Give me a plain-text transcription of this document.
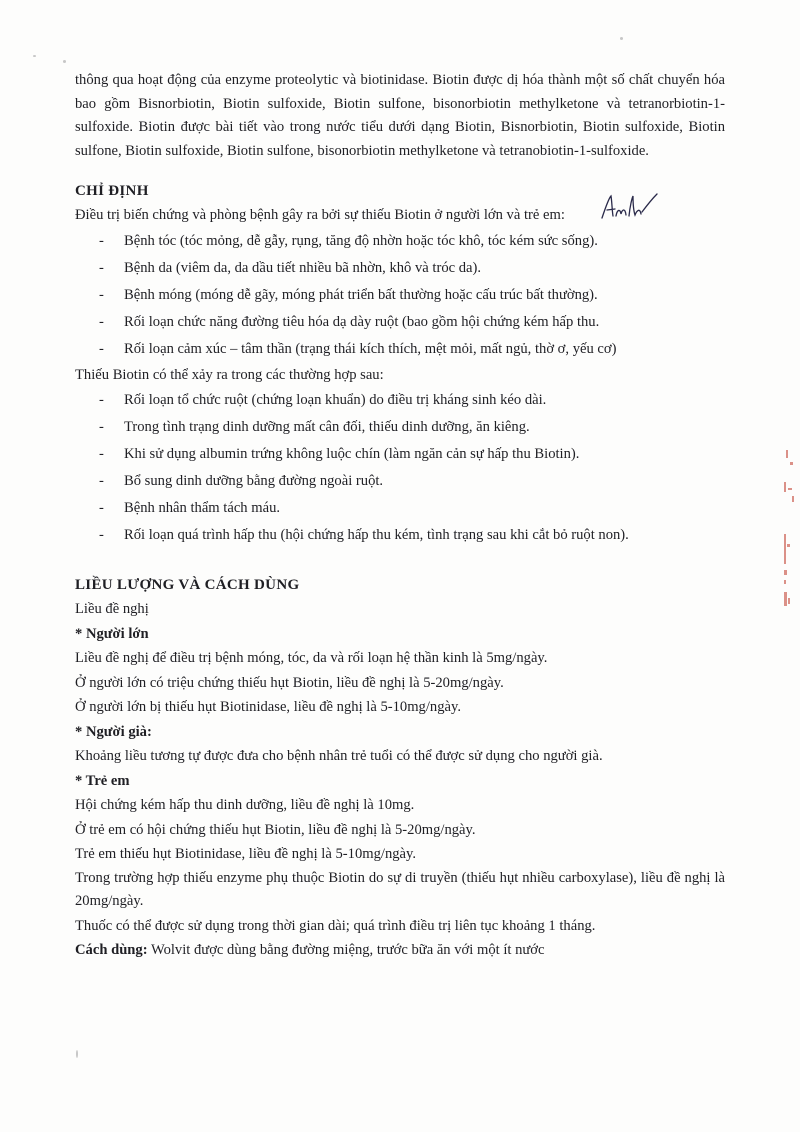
thông qua hoạt động của enzyme proteolytic và biotinidase. Biotin được dị hóa thành một số chất chuyển hóa bao gồm Bisnorbiotin, Biotin sulfoxide, Biotin sulfone, bisonorbiotin methylketone và tetranorbiotin-1-sulfoxide. Biotin được bài tiết vào trong nước tiểu dưới dạng Biotin, Bisnorbiotin, Biotin sulfoxide, Biotin sulfone, Biotin sulfoxide, Biotin sulfone, bisonorbiotin methylketone và tetranobiotin-1-sulfoxide.

CHỈ ĐỊNH

Điều trị biến chứng và phòng bệnh gây ra bởi sự thiếu Biotin ở người lớn và trẻ em:

- Bệnh tóc (tóc mỏng, dễ gẫy, rụng, tăng độ nhờn hoặc tóc khô, tóc kém sức sống).
- Bệnh da (viêm da, da dầu tiết nhiều bã nhờn, khô và tróc da).
- Bệnh móng (móng dễ gãy, móng phát triển bất thường hoặc cấu trúc bất thường).
- Rối loạn chức năng đường tiêu hóa dạ dày ruột (bao gồm hội chứng kém hấp thu.
- Rối loạn cảm xúc – tâm thần (trạng thái kích thích, mệt mỏi, mất ngủ, thờ ơ, yếu cơ)

Thiếu Biotin có thể xảy ra trong các thường hợp sau:

- Rối loạn tổ chức ruột (chứng loạn khuẩn) do điều trị kháng sinh kéo dài.
- Trong tình trạng dinh dưỡng mất cân đối, thiếu dinh dưỡng, ăn kiêng.
- Khi sử dụng albumin trứng không luộc chín (làm ngăn cản sự hấp thu Biotin).
- Bổ sung dinh dưỡng bằng đường ngoài ruột.
- Bệnh nhân thẩm tách máu.
- Rối loạn quá trình hấp thu (hội chứng hấp thu kém, tình trạng sau khi cắt bỏ ruột non).

LIỀU LƯỢNG VÀ CÁCH DÙNG

Liều đề nghị

* Người lớn

Liều đề nghị để điều trị bệnh móng, tóc, da và rối loạn hệ thần kinh là 5mg/ngày.

Ở người lớn có triệu chứng thiếu hụt Biotin, liều đề nghị là 5-20mg/ngày.

Ở người lớn bị thiếu hụt Biotinidase, liều đề nghị là 5-10mg/ngày.

* Người già:

Khoảng liều tương tự được đưa cho bệnh nhân trẻ tuổi có thể được sử dụng cho người già.

* Trẻ em

Hội chứng kém hấp thu dinh dưỡng, liều đề nghị là 10mg.

Ở trẻ em có hội chứng thiếu hụt Biotin, liều đề nghị là 5-20mg/ngày.

Trẻ em thiếu hụt Biotinidase, liều đề nghị là 5-10mg/ngày.

Trong trường hợp thiếu enzyme phụ thuộc Biotin do sự di truyền (thiếu hụt nhiều carboxylase), liều đề nghị là 20mg/ngày.

Thuốc có thể được sử dụng trong thời gian dài; quá trình điều trị liên tục khoảng 1 tháng.

Cách dùng: Wolvit được dùng bằng đường miệng, trước bữa ăn với một ít nước
